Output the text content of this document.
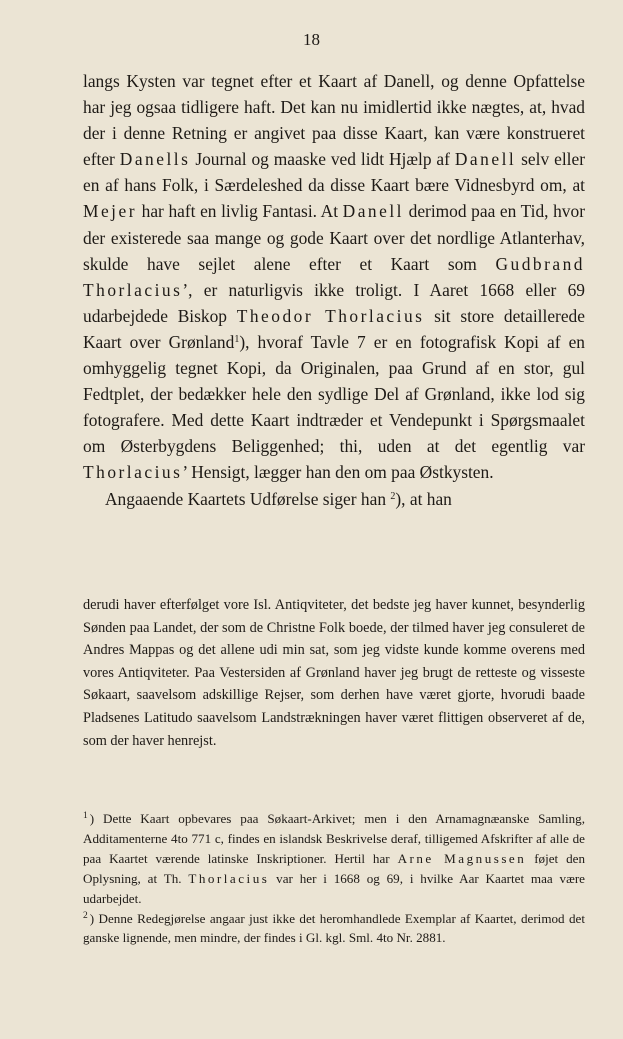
18

langs Kysten var tegnet efter et Kaart af Danell, og denne Opfattelse har jeg ogsaa tidligere haft. Det kan nu imidlertid ikke nægtes, at, hvad der i denne Retning er angivet paa disse Kaart, kan være konstrueret efter Danells Journal og maaske ved lidt Hjælp af Danell selv eller en af hans Folk, i Særdeleshed da disse Kaart bære Vidnesbyrd om, at Mejer har haft en livlig Fantasi. At Danell derimod paa en Tid, hvor der existerede saa mange og gode Kaart over det nordlige Atlanterhav, skulde have sejlet alene efter et Kaart som Gudbrand Thorlacius’, er naturligvis ikke troligt. I Aaret 1668 eller 69 udarbejdede Biskop Theodor Thorlacius sit store detaillerede Kaart over Grønland$^1$), hvoraf Tavle 7 er en fotografisk Kopi af en omhyggelig tegnet Kopi, da Originalen, paa Grund af en stor, gul Fedtplet, der bedækker hele den sydlige Del af Grønland, ikke lod sig fotografere. Med dette Kaart indtræder et Vendepunkt i Spørgsmaalet om Østerbygdens Beliggenhed; thi, uden at det egentlig var Thorlacius’ Hensigt, lægger han den om paa Østkysten.

Angaaende Kaartets Udførelse siger han $^2$), at han

derudi haver efterfølget vore Isl. Antiqviteter, det bedste jeg haver kunnet, besynderlig Sønden paa Landet, der som de Christne Folk boede, der tilmed haver jeg consuleret de Andres Mappas og det allene udi min sat, som jeg vidste kunde komme overens med vores Antiqviteter. Paa Vestersiden af Grønland haver jeg brugt de retteste og visseste Søkaart, saavelsom adskillige Rejser, som derhen have været gjorte, hvorudi baade Pladsenes Latitudo saavelsom Landstrækningen haver været flittigen observeret af de, som der haver henrejst.

$^1$ ) Dette Kaart opbevares paa Søkaart-Arkivet; men i den Arnamagnæanske Samling, Additamenterne 4to 771 c, findes en islandsk Beskrivelse deraf, tilligemed Afskrifter af alle de paa Kaartet værende latinske Inskriptioner. Hertil har Arne Magnussen føjet den Oplysning, at Th. Thorlacius var her i 1668 og 69, i hvilke Aar Kaartet maa være udarbejdet.

$^2$ ) Denne Redegjørelse angaar just ikke det heromhandlede Exemplar af Kaartet, derimod det ganske lignende, men mindre, der findes i Gl. kgl. Sml. 4to Nr. 2881.
